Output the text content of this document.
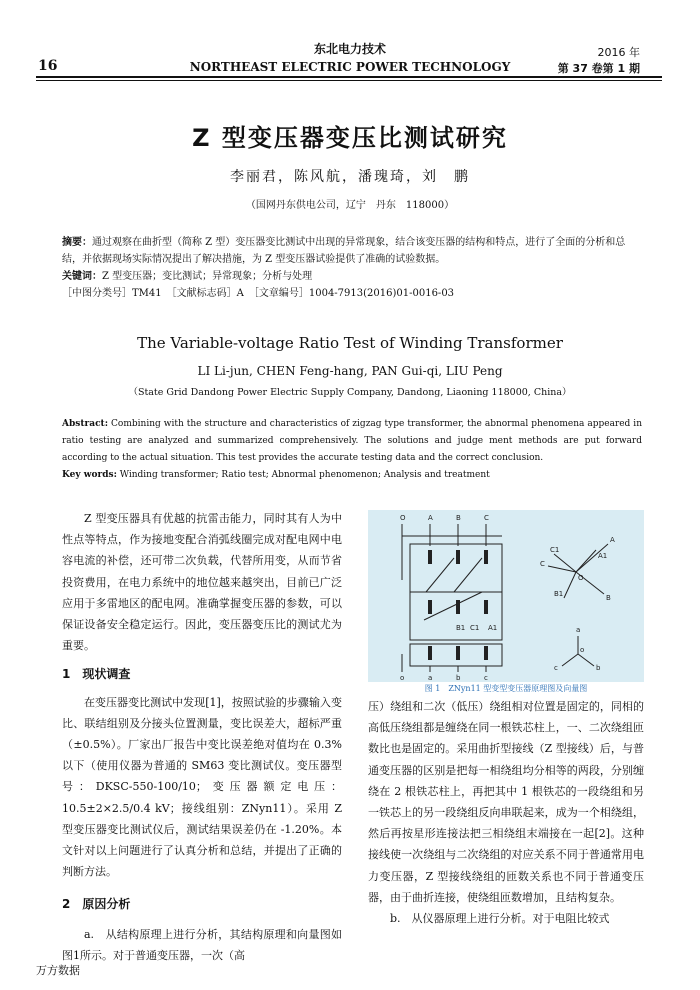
东北电力技术
16	NORTHEAST ELECTRIC POWER TECHNOLOGY
2016 年
第 37 卷第 1 期
Z 型变压器变压比测试研究
李丽君，陈风航，潘瑰琦，刘　鹏
（国网丹东供电公司，辽宁　丹东　118000）
摘要：通过观察在曲折型（简称 Z 型）变压器变比测试中出现的异常现象，结合该变压器的结构和特点，进行了全面的分析和总结，并依据现场实际情况提出了解决措施，为 Z 型变压器试验提供了准确的试验数据。
关键词：Z 型变压器；变比测试；异常现象；分析与处理
［中图分类号］TM41　［文献标志码］A　［文章编号］1004-7913(2016)01-0016-03
The Variable-voltage Ratio Test of Winding Transformer
LI Li-jun, CHEN Feng-hang, PAN Gui-qi, LIU Peng
（State Grid Dandong Power Electric Supply Company, Dandong, Liaoning 118000, China）
Abstract: Combining with the structure and characteristics of zigzag type transformer, the abnormal phenomena appeared in ratio testing are analyzed and summarized comprehensively. The solutions and judge ment methods are put forward according to the actual situation. This test provides the accurate testing data and the correct conclusion.
Key words: Winding transformer; Ratio test; Abnormal phenomenon; Analysis and treatment

Z 型变压器具有优越的抗雷击能力，同时其有人为中性点等特点，作为接地变配合消弧线圈完成对配电网中电容电流的补偿，还可带二次负载，代替所用变，从而节省投资费用，在电力系统中的地位越来越突出，目前已广泛应用于多雷地区的配电网。准确掌握变压器的参数，可以保证设备安全稳定运行。因此，变压器变压比的测试尤为重要。

1　现状调查

在变压器变比测试中发现[1]，按照试验的步骤输入变比、联结组别及分接头位置测量，变比误差大，超标严重（±0.5%）。厂家出厂报告中变比误差绝对值均在 0.3% 以下（使用仪器为普通的 SM63 变比测试仪。变压器型号：DKSC-550-100/10；变压器额定电压：10.5±2×2.5/0.4 kV；接线组别：ZNyn11）。采用 Z 型变压器变比测试仪后，测试结果误差仍在 -1.20%。本文针对以上问题进行了认真分析和总结，并提出了正确的判断方法。

2　原因分析

a.　从结构原理上进行分析，其结构原理和向量图如图1所示。对于普通变压器，一次（高

O	A	B	C
B1 C1 A1
o	a	b	c
A
A1
C
C1
B1	B
O
a
o
c	b
图 1　ZNyn11 型变型变压器原理图及向量图

压）绕组和二次（低压）绕组相对位置是固定的，同相的高低压绕组都是缠绕在同一根铁芯柱上，一、二次绕组匝数比也是固定的。采用曲折型接线（Z 型接线）后，与普通变压器的区别是把每一相绕组均分相等的两段，分别缠绕在 2 根铁芯柱上，再把其中 1 根铁芯的一段绕组和另一铁芯上的另一段绕组反向串联起来，成为一个相绕组，然后再按星形连接法把三相绕组末端接在一起[2]。这种接线使一次绕组与二次绕组的对应关系不同于普通常用电力变压器，Z 型接线绕组的匝数关系也不同于普通变压器，由于曲折连接，使绕组匝数增加，且结构复杂。

b.　从仪器原理上进行分析。对于电阻比较式

万方数据
